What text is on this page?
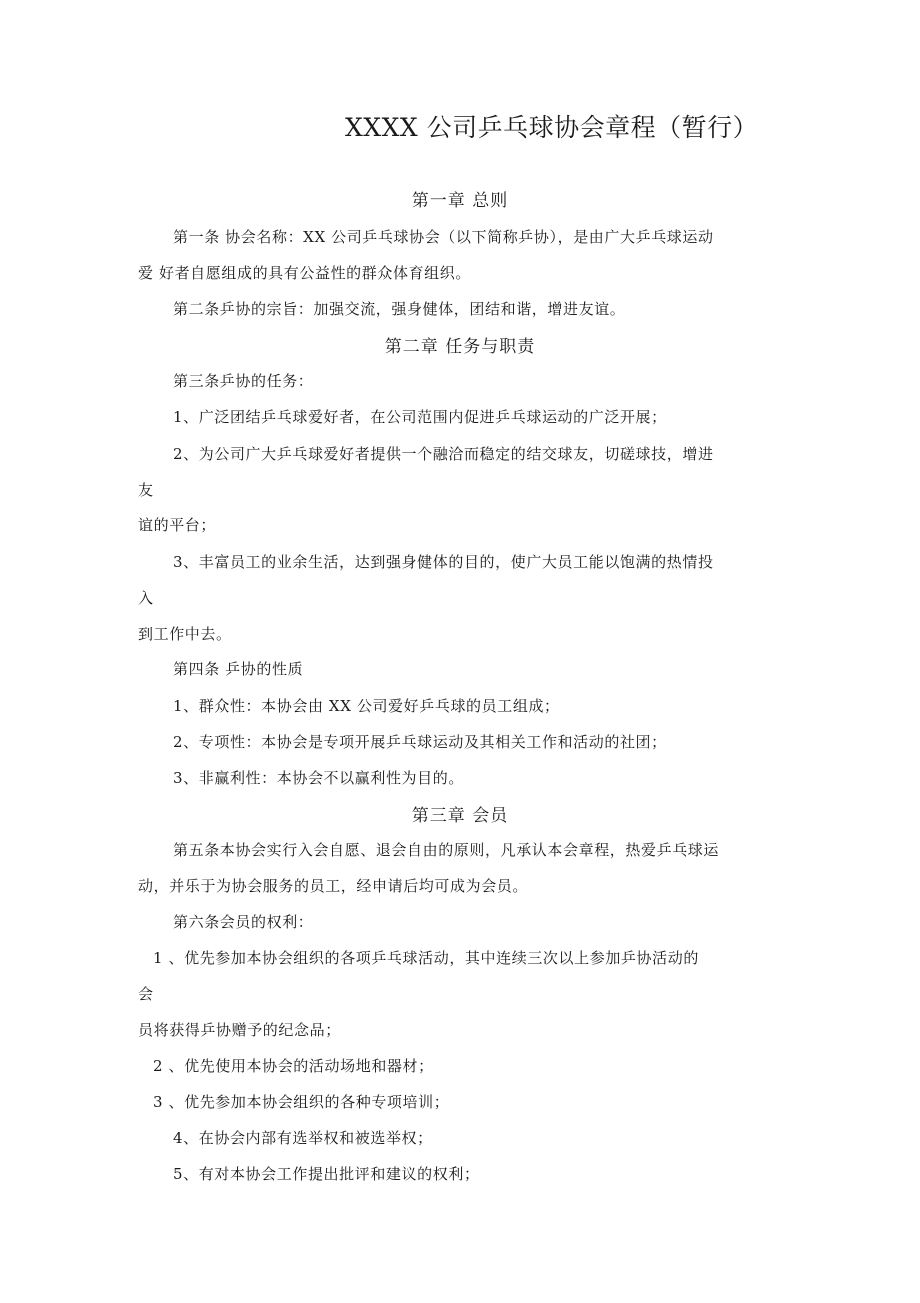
XXXX 公司乒乓球协会章程（暂行）
第一章 总则
第一条 协会名称：XX 公司乒乓球协会（以下简称乒协），是由广大乒乓球运动
爱 好者自愿组成的具有公益性的群众体育组织。
第二条乒协的宗旨：加强交流，强身健体，团结和谐，增进友谊。
第二章 任务与职责
第三条乒协的任务：
1、广泛团结乒乓球爱好者，在公司范围内促进乒乓球运动的广泛开展；
2、为公司广大乒乓球爱好者提供一个融洽而稳定的结交球友，切磋球技，增进
友
谊的平台；
3、丰富员工的业余生活，达到强身健体的目的，使广大员工能以饱满的热情投
入
到工作中去。
第四条 乒协的性质
1、群众性：本协会由 XX 公司爱好乒乓球的员工组成；
2、专项性：本协会是专项开展乒乓球运动及其相关工作和活动的社团；
3、非赢利性：本协会不以赢利性为目的。
第三章 会员
第五条本协会实行入会自愿、退会自由的原则，凡承认本会章程，热爱乒乓球运
动，并乐于为协会服务的员工，经申请后均可成为会员。
第六条会员的权利：
1 、优先参加本协会组织的各项乒乓球活动，其中连续三次以上参加乒协活动的
会
员将获得乒协赠予的纪念品；
2 、优先使用本协会的活动场地和器材；
3 、优先参加本协会组织的各种专项培训；
4、在协会内部有选举权和被选举权；
5、有对本协会工作提出批评和建议的权利；
